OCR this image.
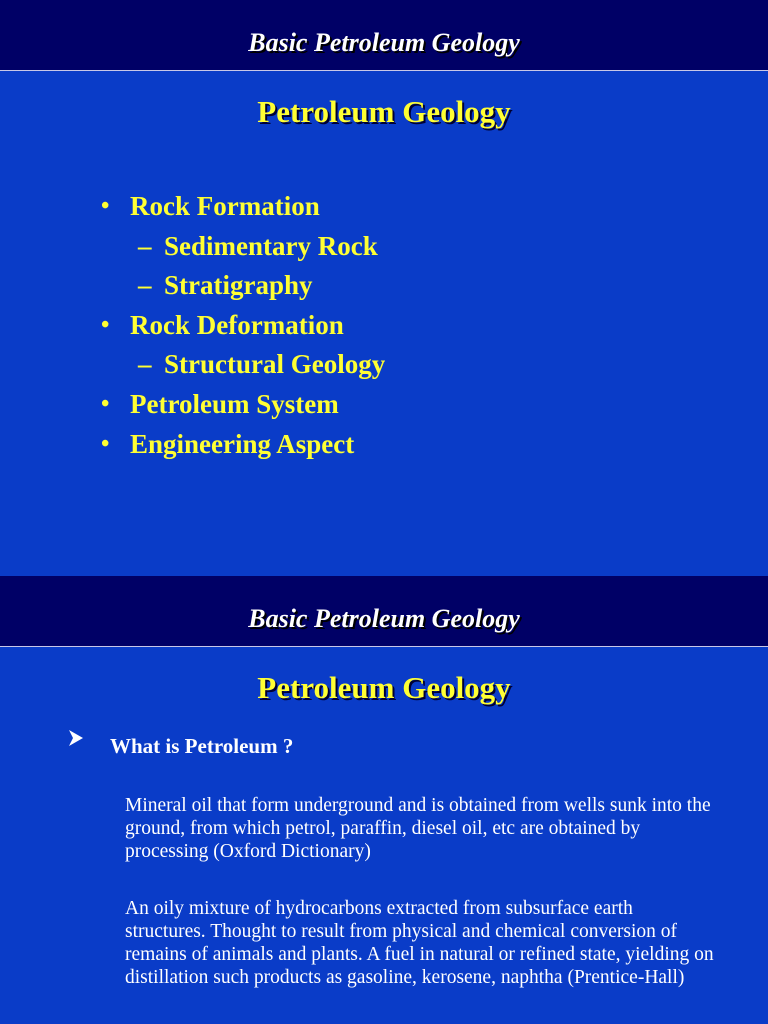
Basic Petroleum Geology
Petroleum Geology
• Rock Formation
– Sedimentary Rock
– Stratigraphy
• Rock Deformation
– Structural Geology
• Petroleum System
• Engineering Aspect
Basic Petroleum Geology
Petroleum Geology
What is Petroleum ?

Mineral oil that form underground and is obtained from wells sunk into the ground, from which petrol, paraffin, diesel oil, etc are obtained by processing (Oxford Dictionary)

An oily mixture of hydrocarbons extracted from subsurface earth structures. Thought to result from physical and chemical conversion of remains of animals and plants. A fuel in natural or refined state, yielding on distillation such products as gasoline, kerosene, naphtha (Prentice-Hall)
